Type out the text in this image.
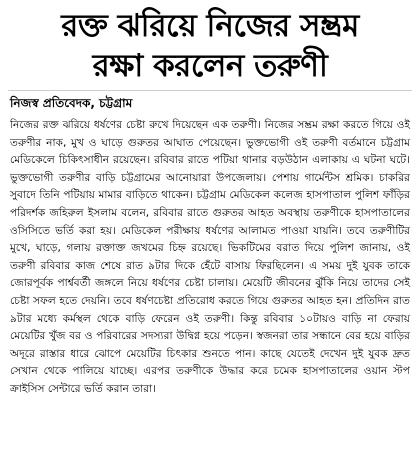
রক্ত ঝরিয়ে নিজের সম্ভ্রম
রক্ষা করলেন তরুণী
নিজস্ব প্রতিবেদক, চট্টগ্রাম

নিজের রক্ত ঝরিয়ে ধর্ষণের চেষ্টা রুখে দিয়েছেন এক তরুণী। নিজের সম্ভ্রম রক্ষা করতে গিয়ে ওই তরুণীর নাক, মুখ ও ঘাড়ে গুরুতর আঘাত পেয়েছেন। ভুক্তভোগী ওই তরুণী বর্তমানে চট্টগ্রাম মেডিকেলে চিকিৎসাধীন রয়েছেন। রবিবার রাতে পটিয়া থানার বড়উঠান এলাকায় এ ঘটনা ঘটে। ভুক্তভোগী তরুণীর বাড়ি চট্টগ্রামের আনোয়ারা উপজেলায়। পেশায় গার্মেন্টস শ্রমিক। চাকরির সুবাদে তিনি পটিয়ায় মামার বাড়িতে থাকেন। চট্টগ্রাম মেডিকেল কলেজ হাসপাতাল পুলিশ ফাঁড়ির পরিদর্শক জহিরুল ইসলাম বলেন, রবিবার রাতে গুরুতর আহত অবস্থায় তরুণীকে হাসপাতালের ওসিসিতে ভর্তি করা হয়। মেডিকেল পরীক্ষায় ধর্ষণের আলামত পাওয়া যায়নি। তবে তরুণীটির মুখে, ঘাড়ে, গলায় রক্তাক্ত জখমের চিহ্ন রয়েছে। ভিকটিমের বরাত দিয়ে পুলিশ জানায়, ওই তরুণী রবিবার কাজ শেষে রাত ৯টার দিকে হেঁটে বাসায় ফিরছিলেন। এ সময় দুই যুবক তাকে জোরপূর্বক পার্শ্ববর্তী জঙ্গলে নিয়ে ধর্ষণের চেষ্টা চালায়। মেয়েটি জীবনের ঝুঁকি নিয়ে তাদের সেই চেষ্টা সফল হতে দেয়নি। তবে ধর্ষণচেষ্টা প্রতিরোধ করতে গিয়ে গুরুতর আহত হন। প্রতিদিন রাত ৯টার মধ্যে কর্মস্থল থেকে বাড়ি ফেরেন ওই তরুণী। কিন্তু রবিবার ১০টায়ও বাড়ি না ফেরায় মেয়েটির খুঁজ বর ও পরিবারের সদস্যরা উদ্বিগ্ন হয়ে পড়েন। স্বজনরা তার সন্ধানে বের হয়ে বাড়ির অদূরে রাস্তার ধারে ঝোপে মেয়েটির চিৎকার শুনতে পান। কাছে যেতেই দেখেন দুই যুবক দ্রুত সেখান থেকে পালিয়ে যাচ্ছে। এরপর তরুণীকে উদ্ধার করে চমেক হাসপাতালের ওয়ান স্টপ ক্রাইসিস সেন্টারে ভর্তি করান তারা।
